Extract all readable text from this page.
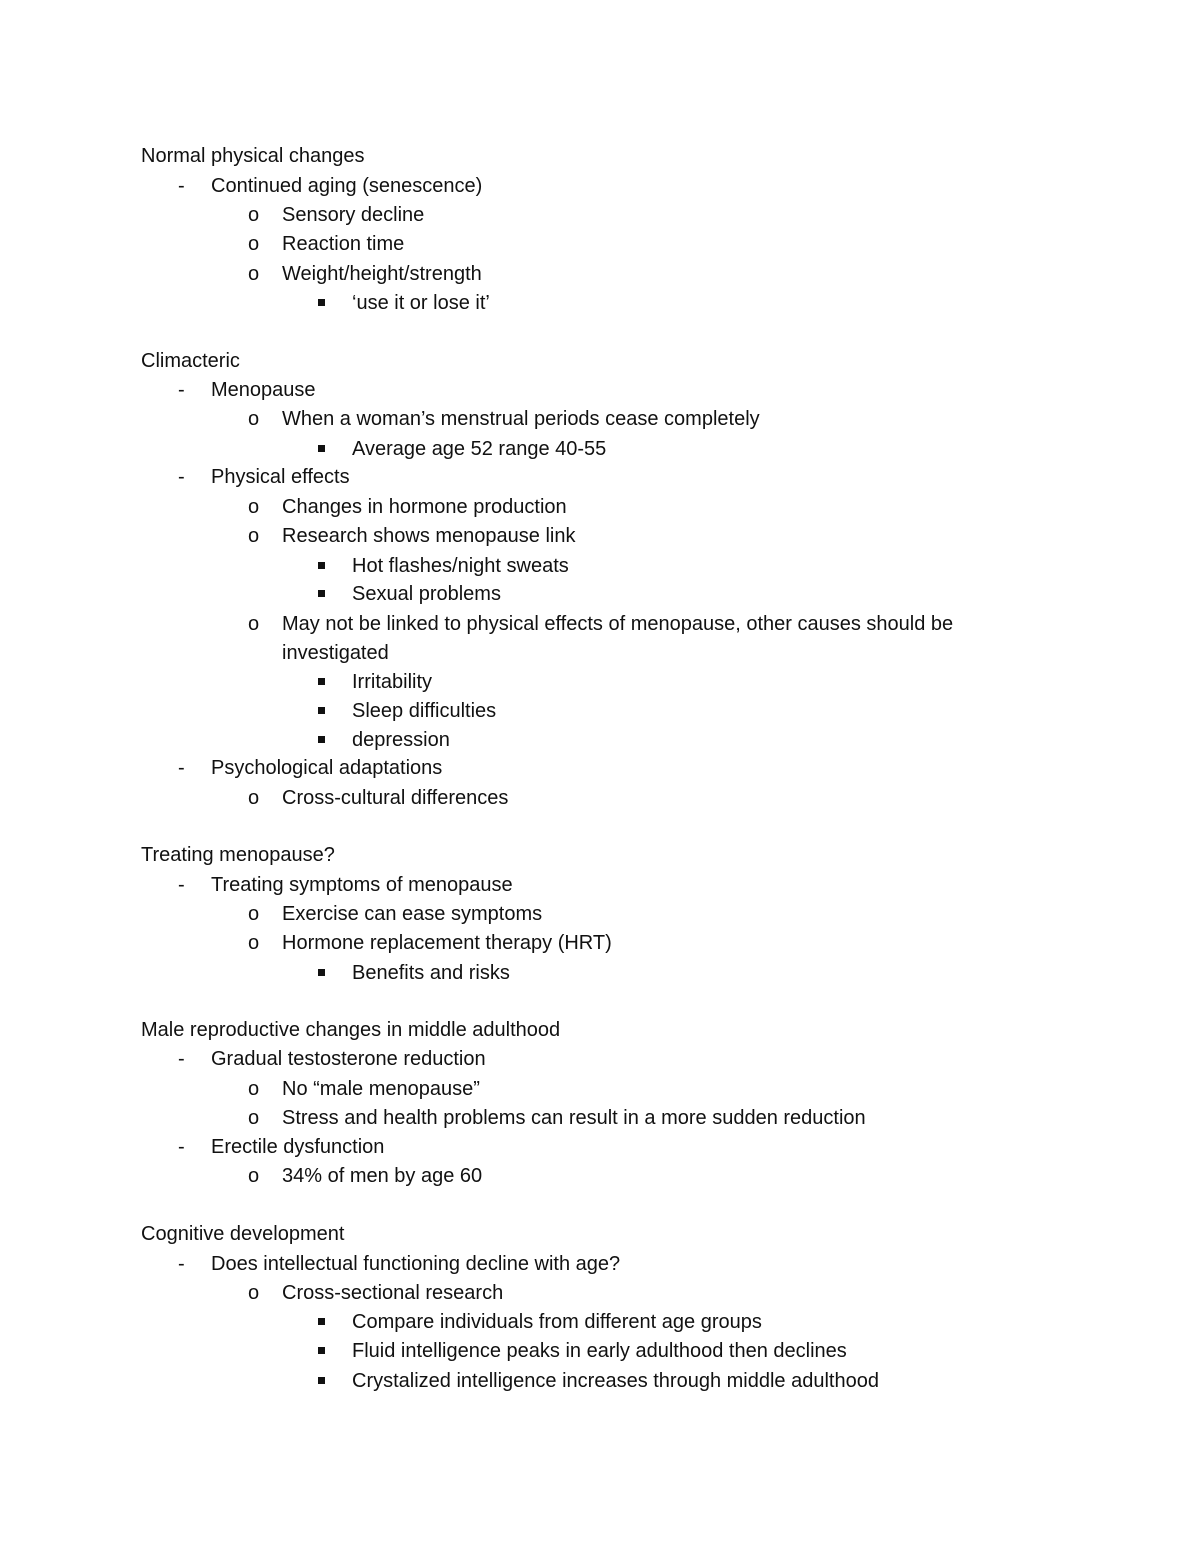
Normal physical changes
- Continued aging (senescence)
o Sensory decline
o Reaction time
o Weight/height/strength
‘use it or lose it’
Climacteric
- Menopause
o When a woman’s menstrual periods cease completely
Average age 52 range 40-55
- Physical effects
o Changes in hormone production
o Research shows menopause link
Hot flashes/night sweats
Sexual problems
o May not be linked to physical effects of menopause, other causes should be investigated
Irritability
Sleep difficulties
depression
- Psychological adaptations
o Cross-cultural differences
Treating menopause?
- Treating symptoms of menopause
o Exercise can ease symptoms
o Hormone replacement therapy (HRT)
Benefits and risks
Male reproductive changes in middle adulthood
- Gradual testosterone reduction
o No “male menopause”
o Stress and health problems can result in a more sudden reduction
- Erectile dysfunction
o 34% of men by age 60
Cognitive development
- Does intellectual functioning decline with age?
o Cross-sectional research
Compare individuals from different age groups
Fluid intelligence peaks in early adulthood then declines
Crystalized intelligence increases through middle adulthood
